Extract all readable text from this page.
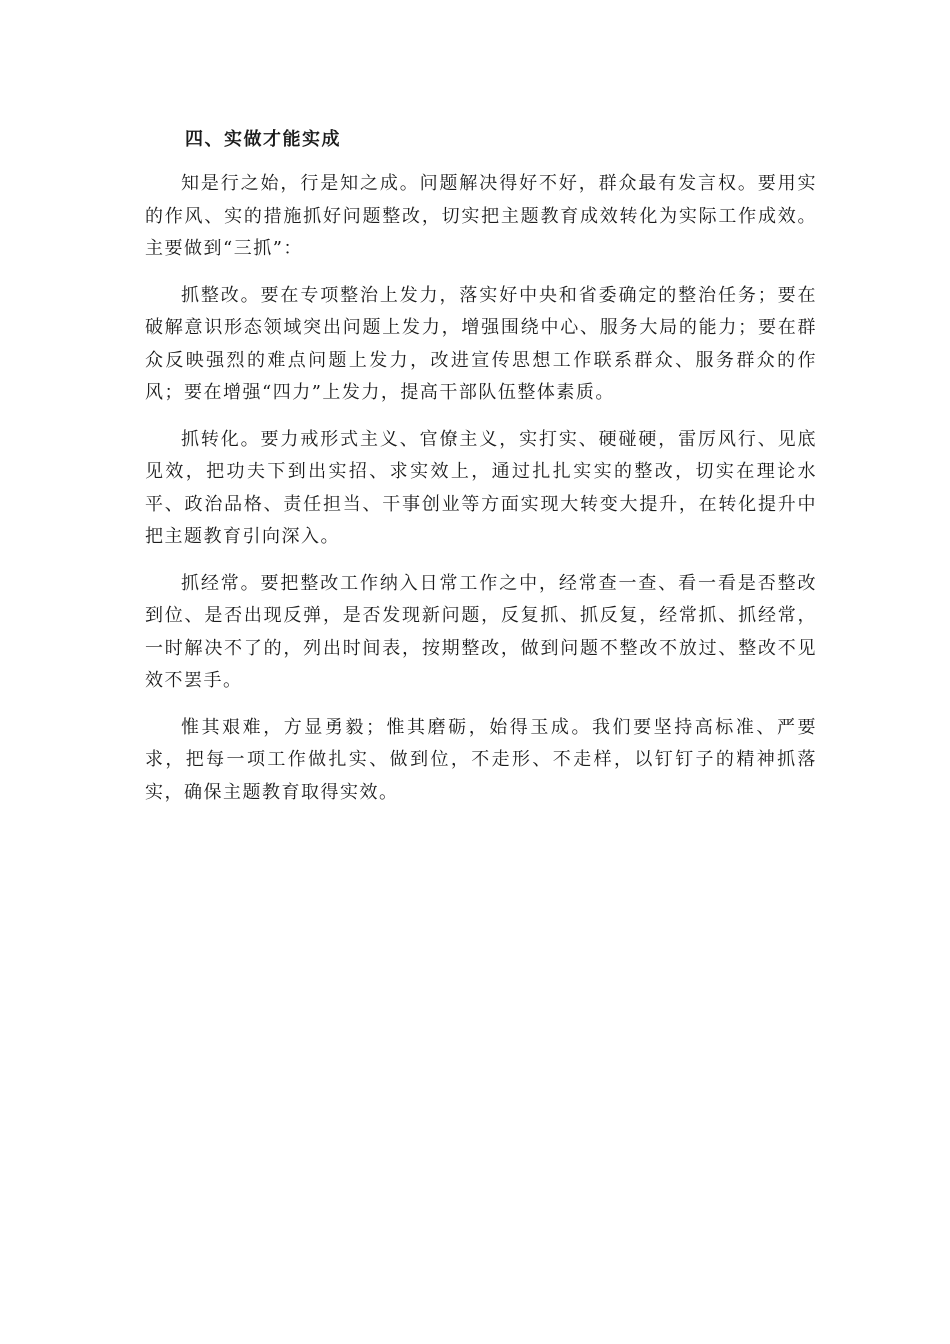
四、实做才能实成

知是行之始，行是知之成。问题解决得好不好，群众最有发言权。要用实的作风、实的措施抓好问题整改，切实把主题教育成效转化为实际工作成效。主要做到“三抓”：

抓整改。要在专项整治上发力，落实好中央和省委确定的整治任务；要在破解意识形态领域突出问题上发力，增强围绕中心、服务大局的能力；要在群众反映强烈的难点问题上发力，改进宣传思想工作联系群众、服务群众的作风；要在增强“四力”上发力，提高干部队伍整体素质。

抓转化。要力戒形式主义、官僚主义，实打实、硬碰硬，雷厉风行、见底见效，把功夫下到出实招、求实效上，通过扎扎实实的整改，切实在理论水平、政治品格、责任担当、干事创业等方面实现大转变大提升，在转化提升中把主题教育引向深入。

抓经常。要把整改工作纳入日常工作之中，经常查一查、看一看是否整改到位、是否出现反弹，是否发现新问题，反复抓、抓反复，经常抓、抓经常，一时解决不了的，列出时间表，按期整改，做到问题不整改不放过、整改不见效不罢手。

惟其艰难，方显勇毅；惟其磨砺，始得玉成。我们要坚持高标准、严要求，把每一项工作做扎实、做到位，不走形、不走样，以钉钉子的精神抓落实，确保主题教育取得实效。
